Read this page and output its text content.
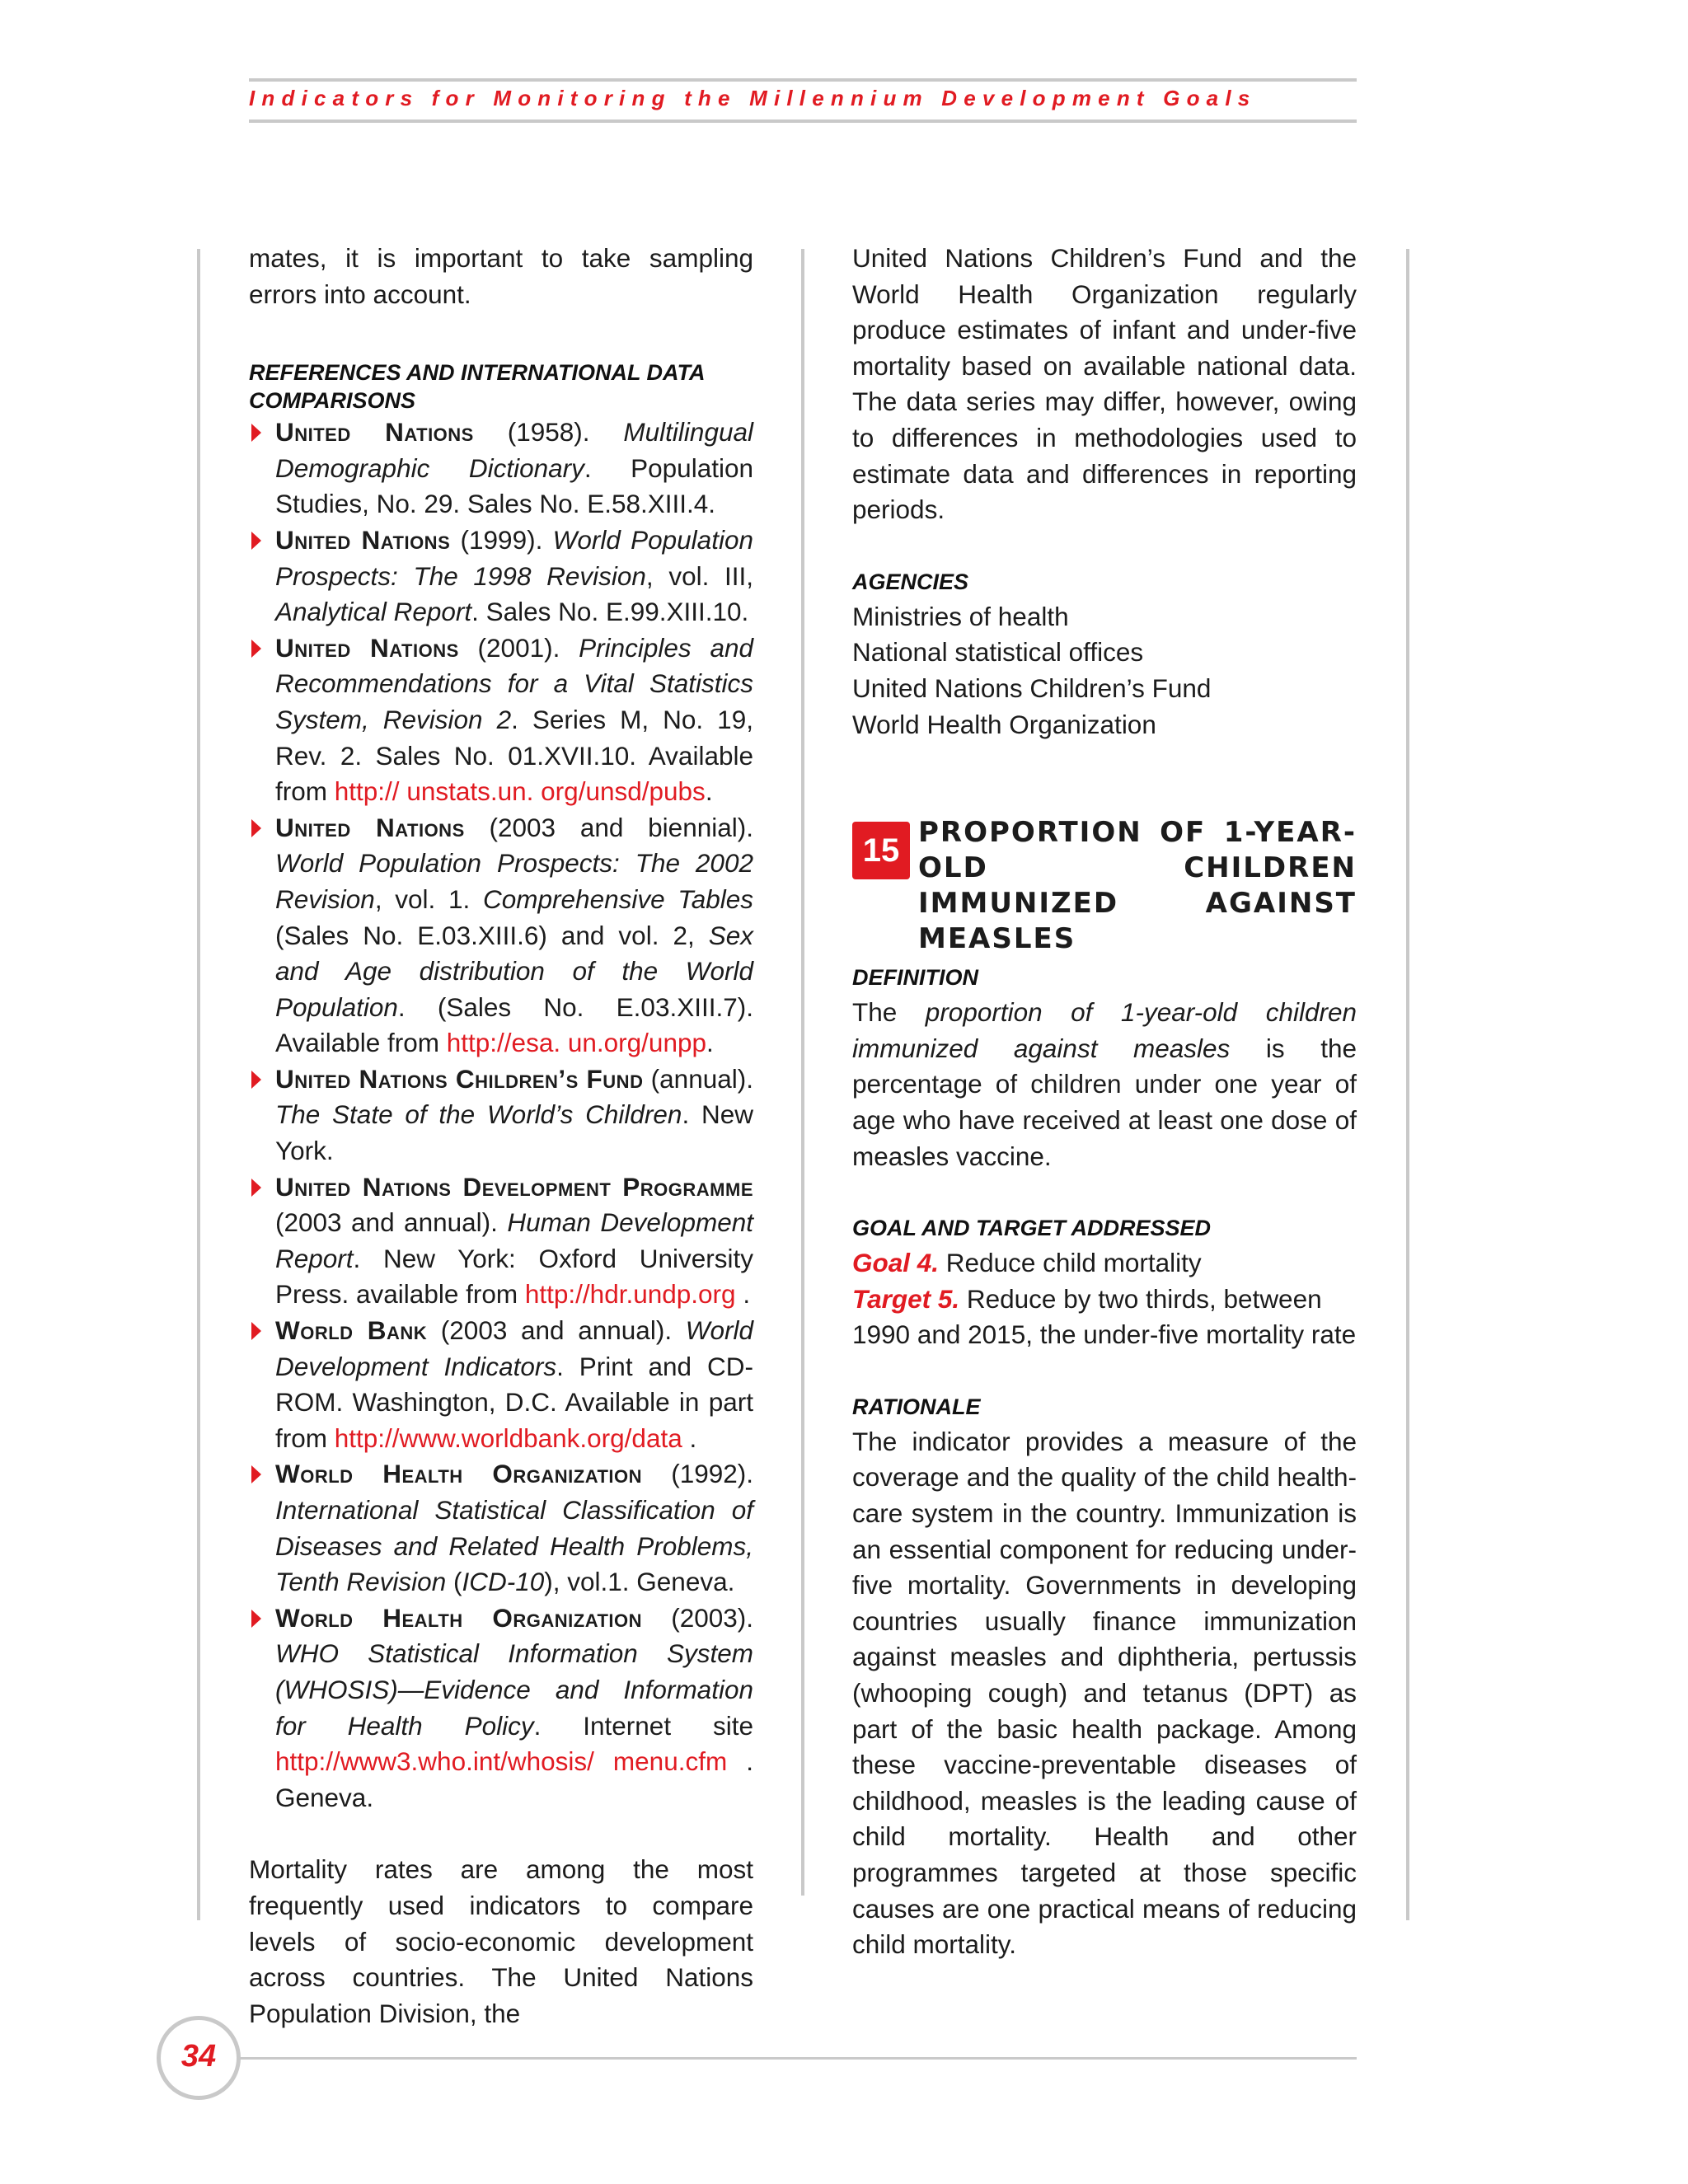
Indicators for Monitoring the Millennium Development Goals

mates, it is important to take sampling errors into account.

REFERENCES AND INTERNATIONAL DATA COMPARISONS
United Nations (1958). Multilingual Demographic Dictionary. Population Studies, No. 29. Sales No. E.58.XIII.4.
United Nations (1999). World Population Prospects: The 1998 Revision, vol. III, Analytical Report. Sales No. E.99.XIII.10.
United Nations (2001). Principles and Recommendations for a Vital Statistics System, Revision 2. Series M, No. 19, Rev. 2. Sales No. 01.XVII.10. Available from http:// unstats.un. org/unsd/pubs.
United Nations (2003 and biennial). World Population Prospects: The 2002 Revision, vol. 1. Comprehensive Tables (Sales No. E.03.XIII.6) and vol. 2, Sex and Age distribution of the World Population. (Sales No. E.03.XIII.7). Available from http://esa. un.org/unpp.
United Nations Children’s Fund (annual). The State of the World’s Children. New York.
United Nations Development Programme (2003 and annual). Human Development Report. New York: Oxford University Press. available from http://hdr.undp.org .
World Bank (2003 and annual). World Development Indicators. Print and CD-ROM. Washington, D.C. Available in part from http://www.worldbank.org/data .
World Health Organization (1992). International Statistical Classification of Diseases and Related Health Problems, Tenth Revision (ICD-10), vol.1. Geneva.
World Health Organization (2003). WHO Statistical Information System (WHOSIS)—Evidence and Information for Health Policy. Internet site http://www3.who.int/whosis/ menu.cfm . Geneva.

Mortality rates are among the most frequently used indicators to compare levels of socio-economic development across countries. The United Nations Population Division, the

United Nations Children’s Fund and the World Health Organization regularly produce estimates of infant and under-five mortality based on available national data. The data series may differ, however, owing to differences in methodologies used to estimate data and differences in reporting periods.

AGENCIES
Ministries of health
National statistical offices
United Nations Children’s Fund
World Health Organization
15 PROPORTION OF 1-YEAR-OLD CHILDREN IMMUNIZED AGAINST MEASLES
DEFINITION

The proportion of 1-year-old children immunized against measles is the percentage of children under one year of age who have received at least one dose of measles vaccine.

GOAL AND TARGET ADDRESSED

Goal 4. Reduce child mortality

Target 5. Reduce by two thirds, between 1990 and 2015, the under-five mortality rate

RATIONALE

The indicator provides a measure of the coverage and the quality of the child health-care system in the country. Immunization is an essential component for reducing under-five mortality. Governments in developing countries usually finance immunization against measles and diphtheria, pertussis (whooping cough) and tetanus (DPT) as part of the basic health package. Among these vaccine-preventable diseases of childhood, measles is the leading cause of child mortality. Health and other programmes targeted at those specific causes are one practical means of reducing child mortality.

34
